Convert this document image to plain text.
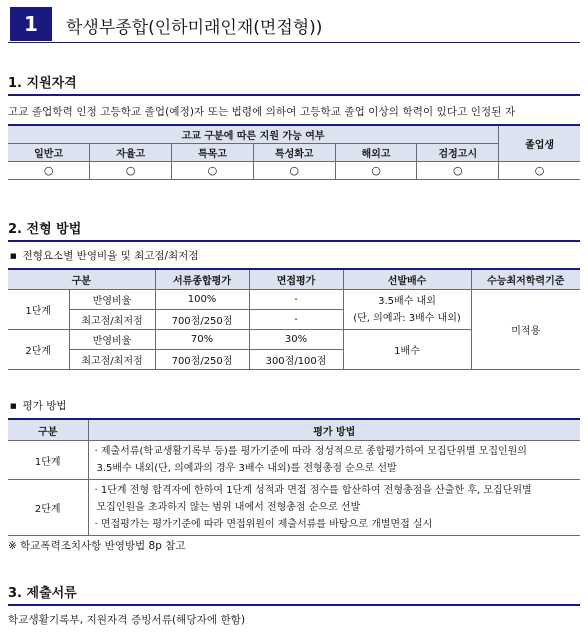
1	학생부종합(인하미래인재(면접형))
1. 지원자격
고교 졸업학력 인정 고등학교 졸업(예정)자 또는 법령에 의하여 고등학교 졸업 이상의 학력이 있다고 인정된 자
고교 구분에 따른 지원 가능 여부						졸업생
일반고	자율고	특목고	특성화고	해외고	검정고시	
○	○	○	○	○	○	○
2. 전형 방법
■ 전형요소별 반영비율 및 최고점/최저점
구분		서류종합평가	면접평가	선발배수	수능최저학력기준
1단계	반영비율	100%	-	3.5배수 내외
(단, 의예과: 3배수 내외)	미적용
	최고점/최저점	700점/250점	-		
2단계	반영비율	70%	30%	1배수	
	최고점/최저점	700점/250점	300점/100점		
■ 평가 방법
구분	평가 방법
1단계	· 제출서류(학교생활기록부 등)를 평가기준에 따라 정성적으로 종합평가하여 모집단위별 모집인원의
3.5배수 내외(단, 의예과의 경우 3배수 내외)를 전형총점 순으로 선발
2단계	· 1단계 전형 합격자에 한하여 1단계 성적과 면접 점수를 합산하여 전형총점을 산출한 후, 모집단위별
모집인원을 초과하지 않는 범위 내에서 전형총점 순으로 선발
· 면접평가는 평가기준에 따라 면접위원이 제출서류를 바탕으로 개별면접 실시
※ 학교폭력조치사항 반영방법 8p 참고
3. 제출서류
학교생활기록부, 지원자격 증빙서류(해당자에 한함)
